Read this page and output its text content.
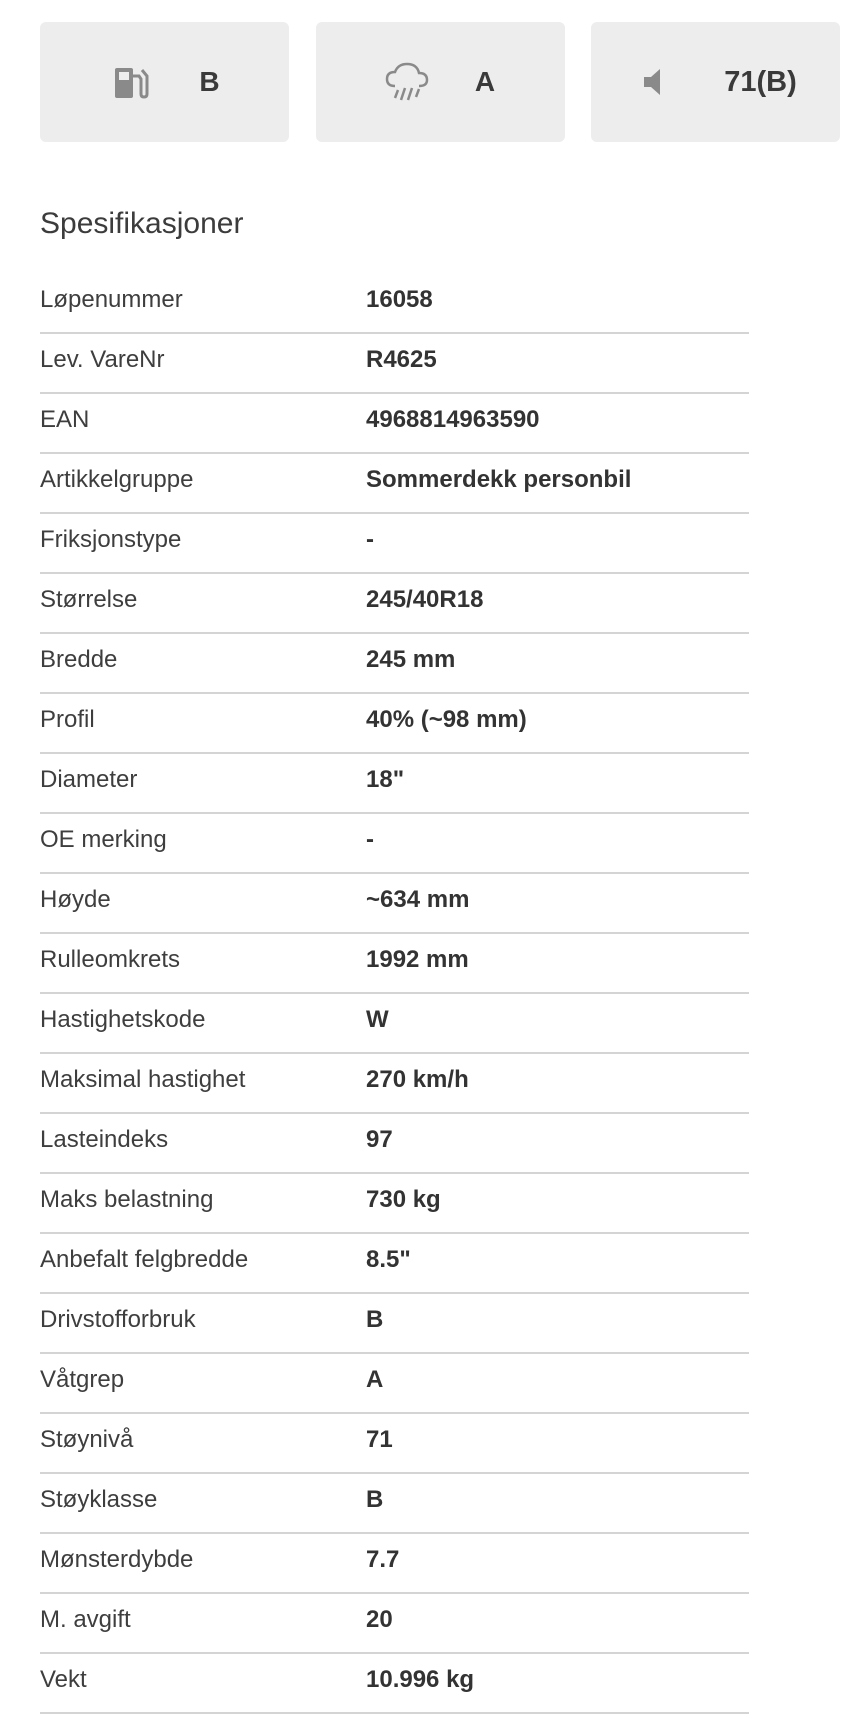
B	A	71(B)
Spesifikasjoner
Løpenummer	16058
Lev. VareNr	R4625
EAN	4968814963590
Artikkelgruppe	Sommerdekk personbil
Friksjonstype	-
Størrelse	245/40R18
Bredde	245 mm
Profil	40% (~98 mm)
Diameter	18"
OE merking	-
Høyde	~634 mm
Rulleomkrets	1992 mm
Hastighetskode	W
Maksimal hastighet	270 km/h
Lasteindeks	97
Maks belastning	730 kg
Anbefalt felgbredde	8.5"
Drivstofforbruk	B
Våtgrep	A
Støynivå	71
Støyklasse	B
Mønsterdybde	7.7
M. avgift	20
Vekt	10.996 kg
